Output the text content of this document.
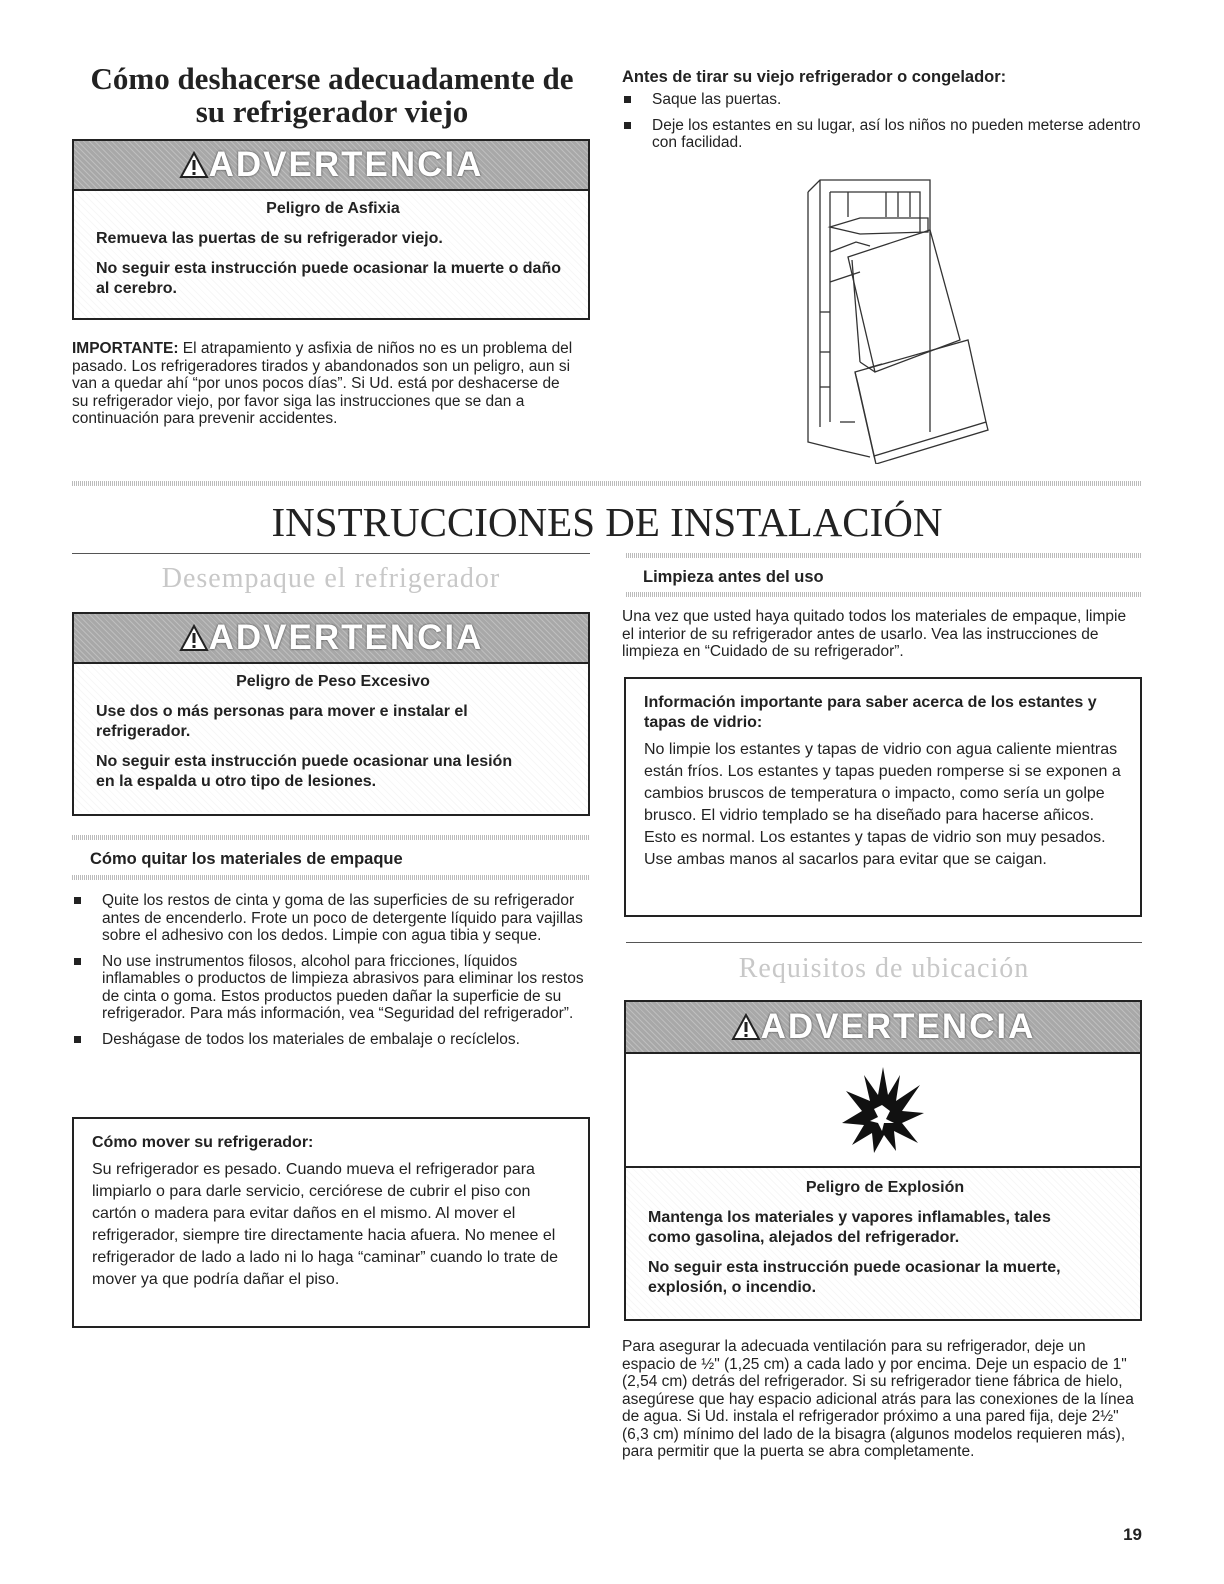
Cómo deshacerse adecuadamente de su refrigerador viejo
ADVERTENCIA
Peligro de Asfixia

Remueva las puertas de su refrigerador viejo.

No seguir esta instrucción puede ocasionar la muerte o daño al cerebro.

IMPORTANTE: El atrapamiento y asfixia de niños no es un problema del pasado. Los refrigeradores tirados y abandonados son un peligro, aun si van a quedar ahí “por unos pocos días”. Si Ud. está por deshacerse de su refrigerador viejo, por favor siga las instrucciones que se dan a continuación para prevenir accidentes.
Antes de tirar su viejo refrigerador o congelador:
Saque las puertas.
Deje los estantes en su lugar, así los niños no pueden meterse adentro con facilidad.
INSTRUCCIONES DE INSTALACIÓN
Desempaque el refrigerador
ADVERTENCIA
Peligro de Peso Excesivo

Use dos o más personas para mover e instalar el refrigerador.

No seguir esta instrucción puede ocasionar una lesión en la espalda u otro tipo de lesiones.

Cómo quitar los materiales de empaque
Quite los restos de cinta y goma de las superficies de su refrigerador antes de encenderlo. Frote un poco de detergente líquido para vajillas sobre el adhesivo con los dedos. Limpie con agua tibia y seque.
No use instrumentos filosos, alcohol para fricciones, líquidos inflamables o productos de limpieza abrasivos para eliminar los restos de cinta o goma. Estos productos pueden dañar la superficie de su refrigerador. Para más información, vea “Seguridad del refrigerador”.
Deshágase de todos los materiales de embalaje o recíclelos.
Cómo mover su refrigerador:
Su refrigerador es pesado. Cuando mueva el refrigerador para limpiarlo o para darle servicio, cerciórese de cubrir el piso con cartón o madera para evitar daños en el mismo. Al mover el refrigerador, siempre tire directamente hacia afuera. No menee el refrigerador de lado a lado ni lo haga “caminar” cuando lo trate de mover ya que podría dañar el piso.
Limpieza antes del uso
Una vez que usted haya quitado todos los materiales de empaque, limpie el interior de su refrigerador antes de usarlo. Vea las instrucciones de limpieza en “Cuidado de su refrigerador”.
Información importante para saber acerca de los estantes y tapas de vidrio:
No limpie los estantes y tapas de vidrio con agua caliente mientras están fríos. Los estantes y tapas pueden romperse si se exponen a cambios bruscos de temperatura o impacto, como sería un golpe brusco. El vidrio templado se ha diseñado para hacerse añicos. Esto es normal. Los estantes y tapas de vidrio son muy pesados. Use ambas manos al sacarlos para evitar que se caigan.
Requisitos de ubicación
ADVERTENCIA
Peligro de Explosión

Mantenga los materiales y vapores inflamables, tales como gasolina, alejados del refrigerador.

No seguir esta instrucción puede ocasionar la muerte, explosión, o incendio.

Para asegurar la adecuada ventilación para su refrigerador, deje un espacio de ½" (1,25 cm) a cada lado y por encima. Deje un espacio de 1" (2,54 cm) detrás del refrigerador. Si su refrigerador tiene fábrica de hielo, asegúrese que hay espacio adicional atrás para las conexiones de la línea de agua. Si Ud. instala el refrigerador próximo a una pared fija, deje 2½" (6,3 cm) mínimo del lado de la bisagra (algunos modelos requieren más), para permitir que la puerta se abra completamente.
19
